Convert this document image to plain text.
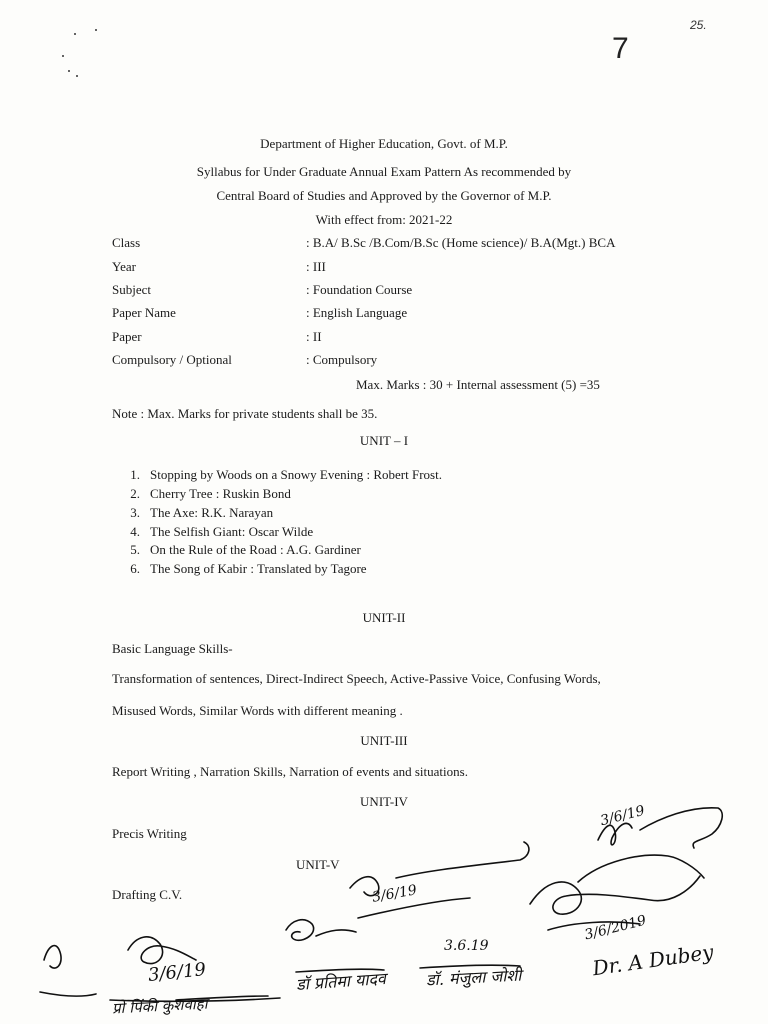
25.
7
Department of Higher Education, Govt. of M.P.
Syllabus for Under Graduate Annual Exam Pattern As recommended by
Central Board of Studies and Approved by the Governor of M.P.
With effect from: 2021-22
Class	: B.A/ B.Sc /B.Com/B.Sc (Home science)/ B.A(Mgt.) BCA
Year	: III
Subject	: Foundation Course
Paper Name	: English Language
Paper	: II
Compulsory / Optional	: Compulsory
Max. Marks : 30 + Internal assessment (5) =35
Note : Max. Marks for private students shall be 35.
UNIT – I
1. Stopping by Woods on a Snowy Evening : Robert Frost.
2. Cherry Tree : Ruskin Bond
3. The Axe: R.K. Narayan
4. The Selfish Giant: Oscar Wilde
5. On the Rule of the Road : A.G. Gardiner
6. The Song of Kabir : Translated by Tagore
UNIT-II
Basic Language Skills-
Transformation of sentences, Direct-Indirect Speech, Active-Passive Voice, Confusing Words,
Misused Words, Similar Words with different meaning .
UNIT-III
Report Writing , Narration Skills, Narration of events and situations.
UNIT-IV
Precis Writing
UNIT-V
Drafting C.V.
3/6/19
3/6/19
3/6/19
3.6.19
3/6/2019
Dr. A Dubey
डॉ प्रतिमा यादव डॉ. मंजुला जोशी
प्रो पिंकी कुशवाहा
